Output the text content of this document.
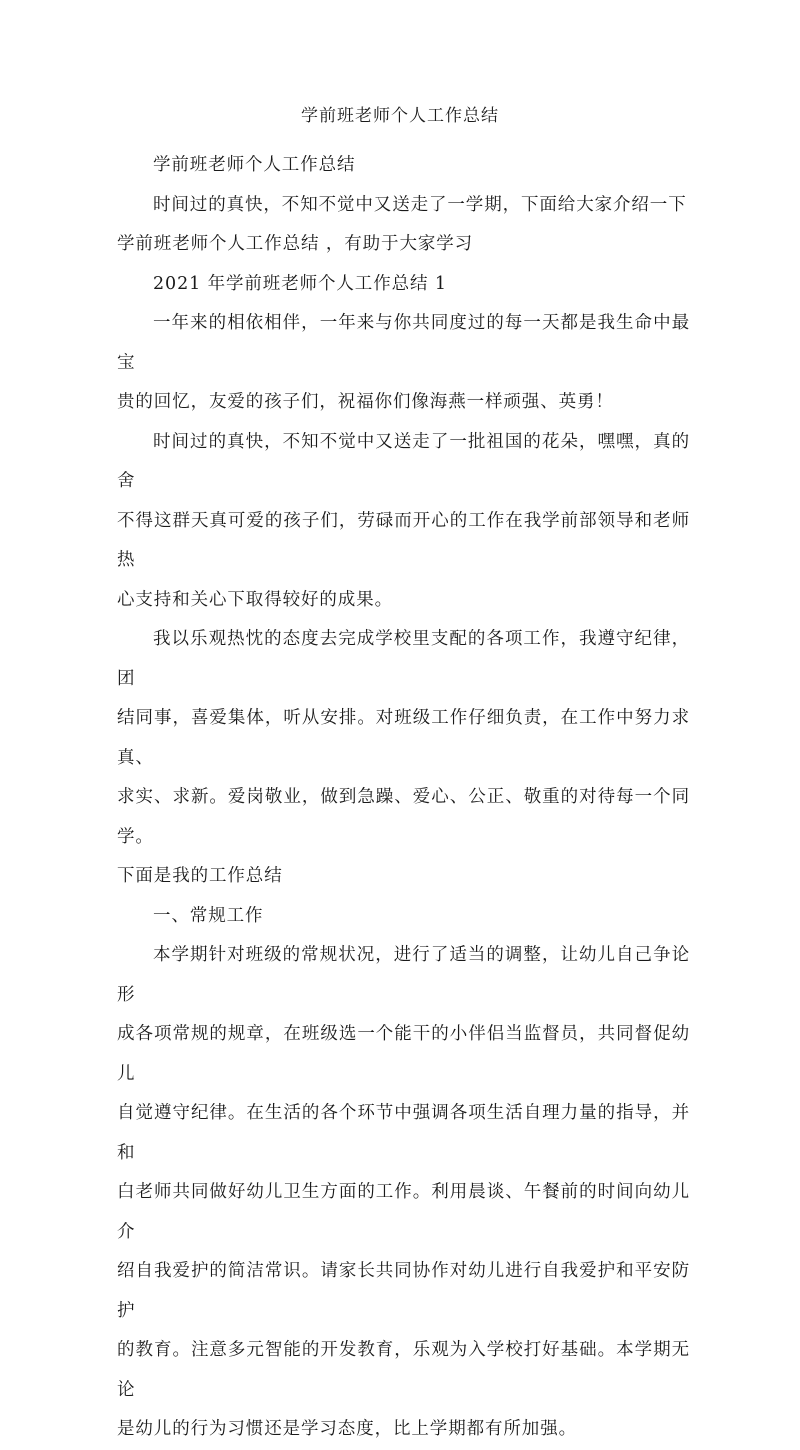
学前班老师个人工作总结

学前班老师个人工作总结

时间过的真快，不知不觉中又送走了一学期，下面给大家介绍一下
学前班老师个人工作总结 ，有助于大家学习

2021 年学前班老师个人工作总结 1

一年来的相依相伴，一年来与你共同度过的每一天都是我生命中最宝
贵的回忆，友爱的孩子们，祝福你们像海燕一样顽强、英勇！

时间过的真快，不知不觉中又送走了一批祖国的花朵，嘿嘿，真的舍
不得这群天真可爱的孩子们，劳碌而开心的工作在我学前部领导和老师热
心支持和关心下取得较好的成果。

我以乐观热忱的态度去完成学校里支配的各项工作，我遵守纪律，团
结同事，喜爱集体，听从安排。对班级工作仔细负责，在工作中努力求真、
求实、求新。爱岗敬业，做到急躁、爱心、公正、敬重的对待每一个同学。
下面是我的工作总结

一、常规工作

本学期针对班级的常规状况，进行了适当的调整，让幼儿自己争论形
成各项常规的规章，在班级选一个能干的小伴侣当监督员，共同督促幼儿
自觉遵守纪律。在生活的各个环节中强调各项生活自理力量的指导，并和
白老师共同做好幼儿卫生方面的工作。利用晨谈、午餐前的时间向幼儿介
绍自我爱护的简洁常识。请家长共同协作对幼儿进行自我爱护和平安防护
的教育。注意多元智能的开发教育，乐观为入学校打好基础。本学期无论
是幼儿的行为习惯还是学习态度，比上学期都有所加强。
